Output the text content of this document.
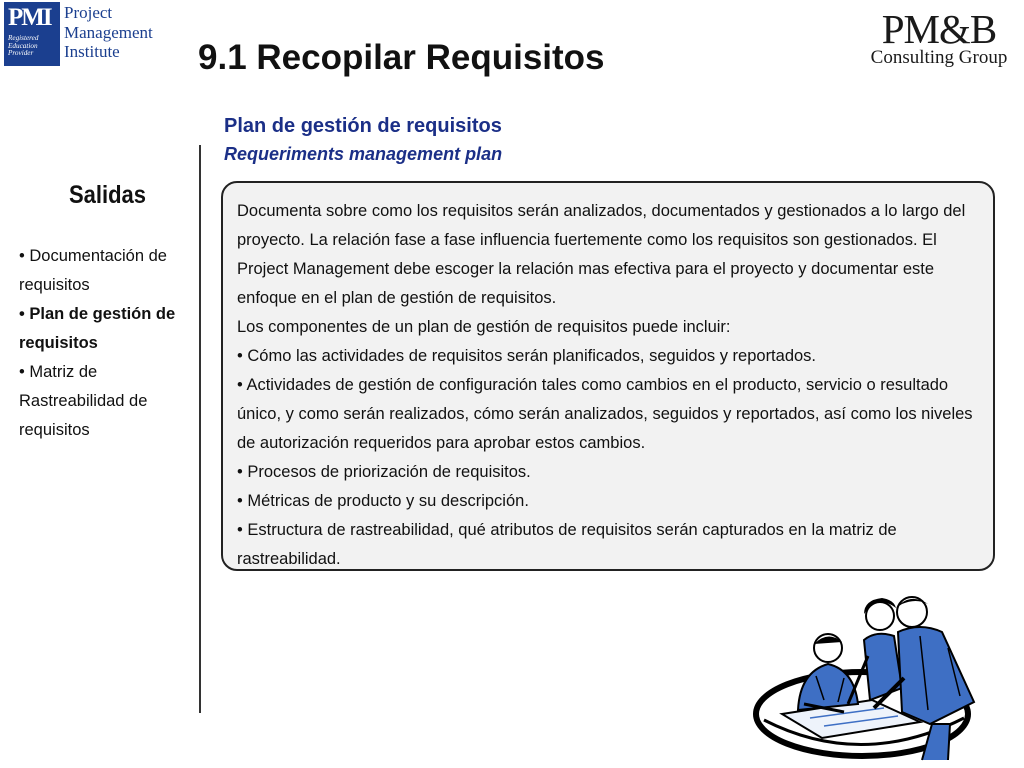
PMI
Registered
Education
Provider
Project
Management
Institute	PM&B
Consulting Group
9.1 Recopilar Requisitos
Plan de gestión de requisitos
Requeriments management plan
Salidas
• Documentación de requisitos
• Plan de gestión de requisitos
• Matriz de Rastreabilidad de requisitos

Documenta sobre como los requisitos serán analizados, documentados y gestionados a lo largo del proyecto. La relación fase a fase influencia fuertemente como los requisitos son gestionados. El Project Management debe escoger la relación mas efectiva para el proyecto y documentar este enfoque en el plan de gestión de requisitos.

Los componentes de un plan de gestión de requisitos puede incluir:

• Cómo las actividades de requisitos serán planificados, seguidos y reportados.

• Actividades de gestión de configuración tales como cambios en el producto, servicio o resultado único, y como serán realizados, cómo serán analizados, seguidos y reportados, así como los niveles de autorización requeridos para aprobar estos cambios.

• Procesos de priorización de requisitos.

• Métricas de producto y su descripción.

• Estructura de rastreabilidad, qué atributos de requisitos serán capturados en la matriz de rastreabilidad.
